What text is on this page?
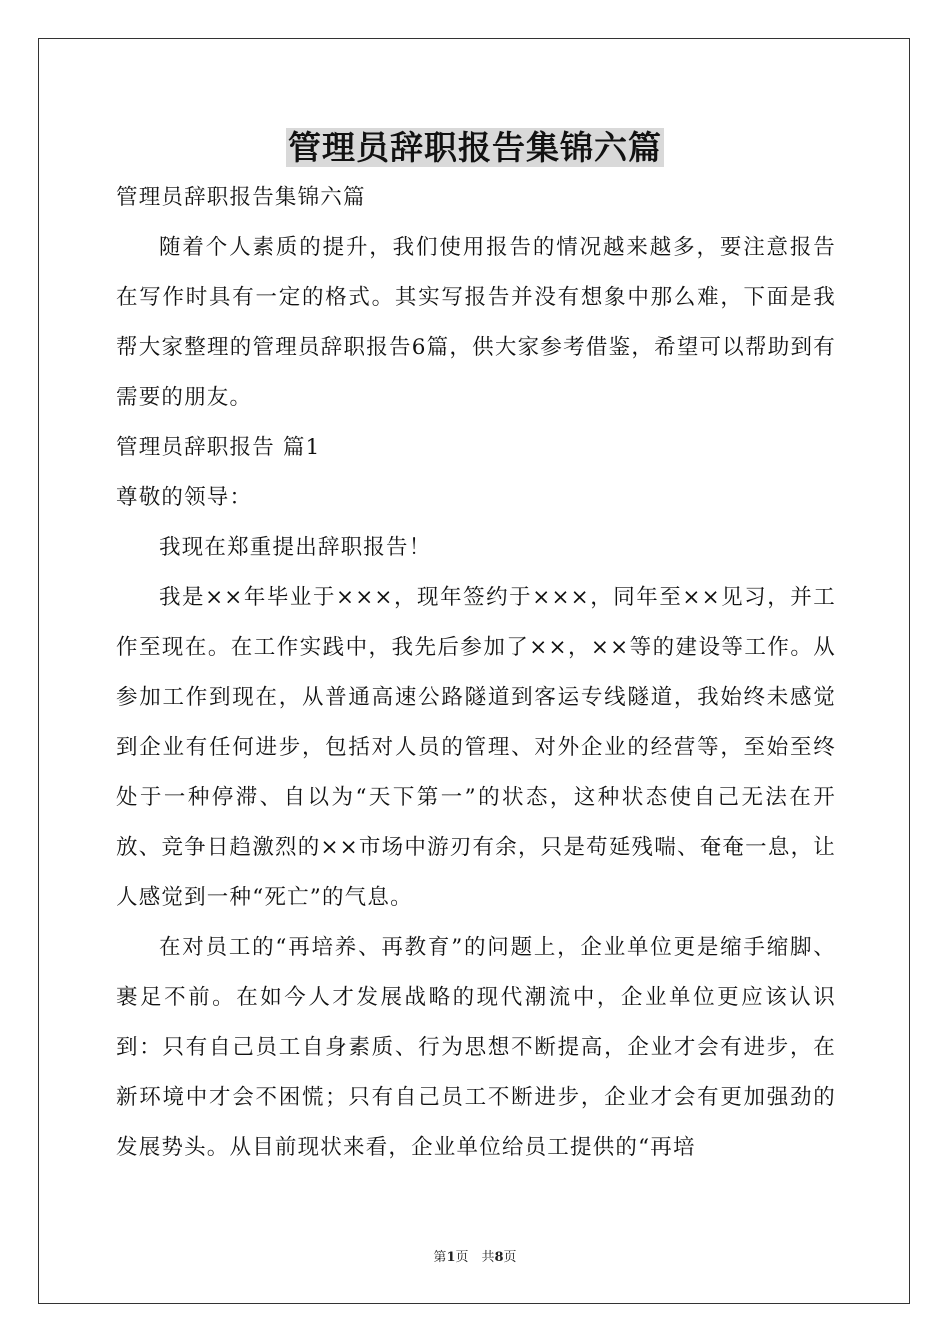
管理员辞职报告集锦六篇

管理员辞职报告集锦六篇

随着个人素质的提升，我们使用报告的情况越来越多，要注意报告在写作时具有一定的格式。其实写报告并没有想象中那么难，下面是我帮大家整理的管理员辞职报告6篇，供大家参考借鉴，希望可以帮助到有需要的朋友。

管理员辞职报告 篇1

尊敬的领导：

我现在郑重提出辞职报告！

我是××年毕业于×××，现年签约于×××，同年至××见习，并工作至现在。在工作实践中，我先后参加了××，××等的建设等工作。从参加工作到现在，从普通高速公路隧道到客运专线隧道，我始终未感觉到企业有任何进步，包括对人员的管理、对外企业的经营等，至始至终处于一种停滞、自以为“天下第一”的状态，这种状态使自己无法在开放、竞争日趋激烈的××市场中游刃有余，只是苟延残喘、奄奄一息，让人感觉到一种“死亡”的气息。

在对员工的“再培养、再教育”的问题上，企业单位更是缩手缩脚、裹足不前。在如今人才发展战略的现代潮流中，企业单位更应该认识到：只有自己员工自身素质、行为思想不断提高，企业才会有进步，在新环境中才会不困慌；只有自己员工不断进步，企业才会有更加强劲的发展势头。从目前现状来看，企业单位给员工提供的“再培

第1页　共8页
